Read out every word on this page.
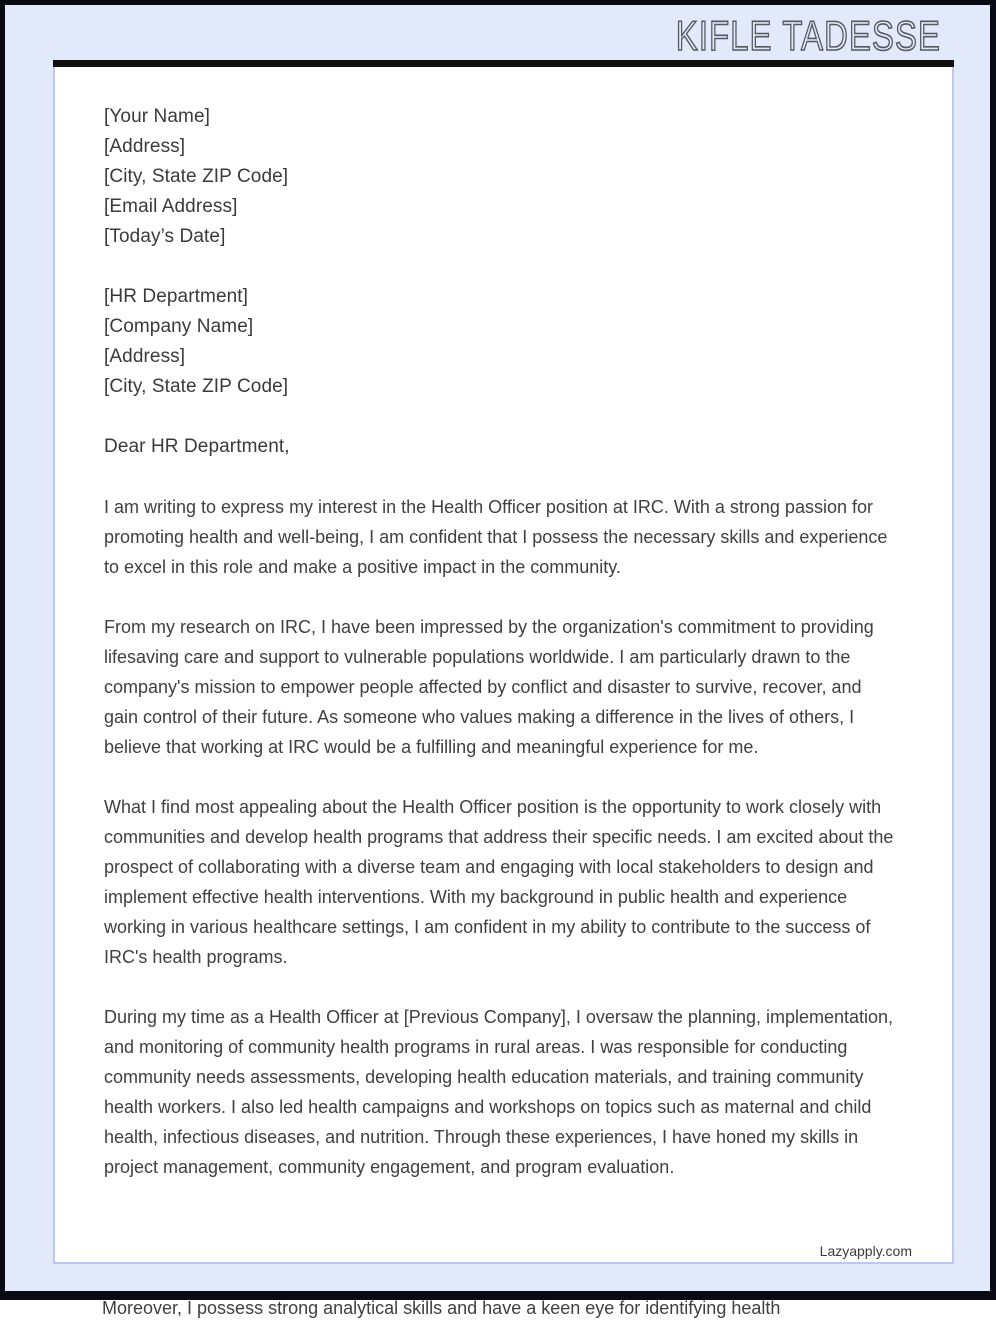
KIFLE TADESSE
[Your Name]
[Address]
[City, State ZIP Code]
[Email Address]
[Today’s Date]
[HR Department]
[Company Name]
[Address]
[City, State ZIP Code]
Dear HR Department,

I am writing to express my interest in the Health Officer position at IRC. With a strong passion for promoting health and well-being, I am confident that I possess the necessary skills and experience to excel in this role and make a positive impact in the community.

From my research on IRC, I have been impressed by the organization's commitment to providing lifesaving care and support to vulnerable populations worldwide. I am particularly drawn to the company's mission to empower people affected by conflict and disaster to survive, recover, and gain control of their future. As someone who values making a difference in the lives of others, I believe that working at IRC would be a fulfilling and meaningful experience for me.

What I find most appealing about the Health Officer position is the opportunity to work closely with communities and develop health programs that address their specific needs. I am excited about the prospect of collaborating with a diverse team and engaging with local stakeholders to design and implement effective health interventions. With my background in public health and experience working in various healthcare settings, I am confident in my ability to contribute to the success of IRC's health programs.

During my time as a Health Officer at [Previous Company], I oversaw the planning, implementation, and monitoring of community health programs in rural areas. I was responsible for conducting community needs assessments, developing health education materials, and training community health workers. I also led health campaigns and workshops on topics such as maternal and child health, infectious diseases, and nutrition. Through these experiences, I have honed my skills in project management, community engagement, and program evaluation.

Lazyapply.com

Moreover, I possess strong analytical skills and have a keen eye for identifying health
